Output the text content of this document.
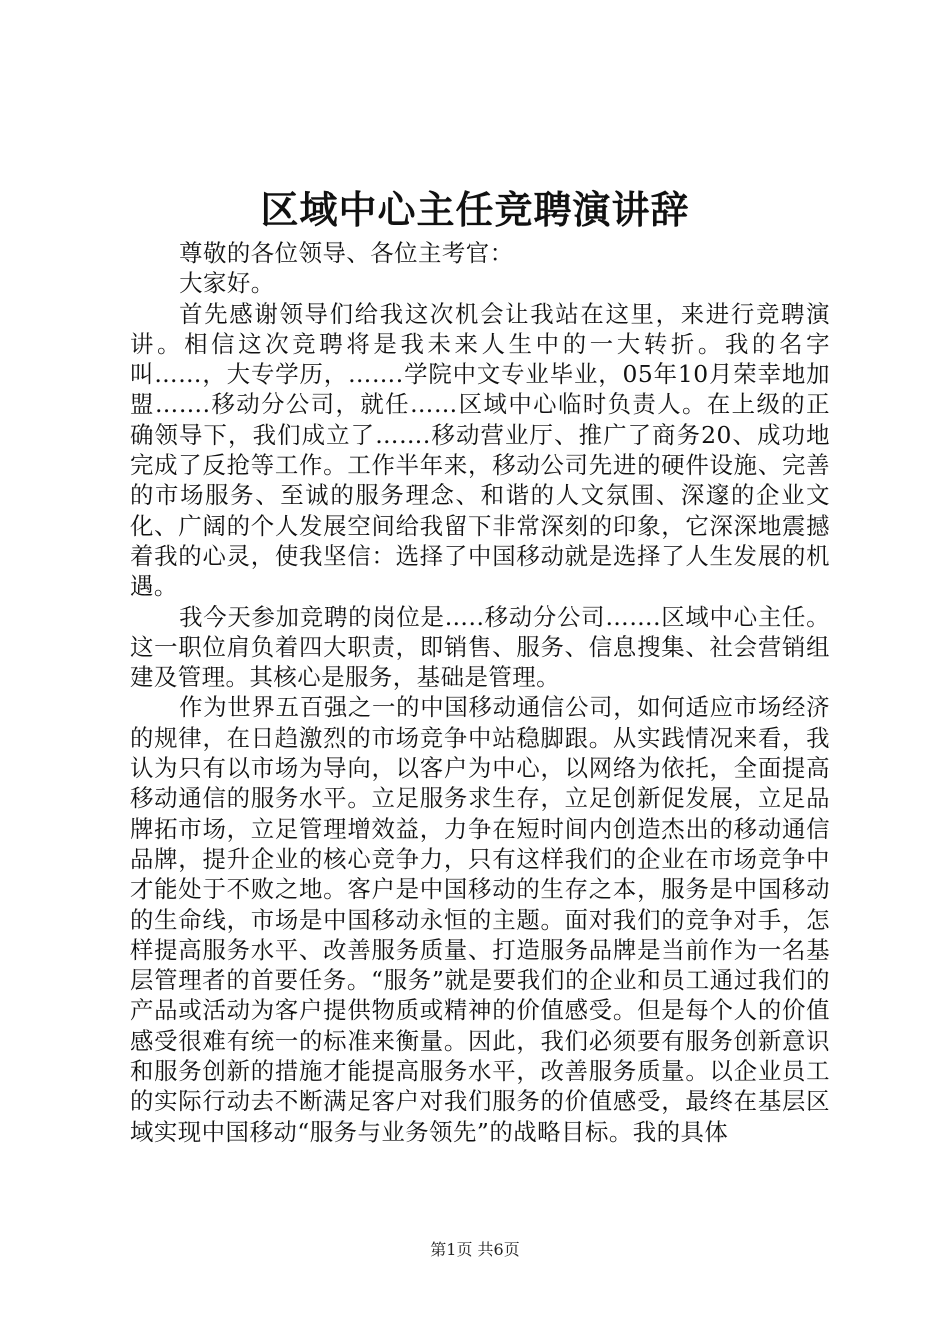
区域中心主任竞聘演讲辞

尊敬的各位领导、各位主考官：

大家好。

首先感谢领导们给我这次机会让我站在这里，来进行竞聘演讲。相信这次竞聘将是我未来人生中的一大转折。我的名字叫……，大专学历，…….学院中文专业毕业，05年10月荣幸地加盟…….移动分公司，就任……区域中心临时负责人。在上级的正确领导下，我们成立了…….移动营业厅、推广了商务20、成功地完成了反抢等工作。工作半年来，移动公司先进的硬件设施、完善的市场服务、至诚的服务理念、和谐的人文氛围、深邃的企业文化、广阔的个人发展空间给我留下非常深刻的印象，它深深地震撼着我的心灵，使我坚信：选择了中国移动就是选择了人生发展的机遇。

我今天参加竞聘的岗位是…..移动分公司…….区域中心主任。这一职位肩负着四大职责，即销售、服务、信息搜集、社会营销组建及管理。其核心是服务，基础是管理。

作为世界五百强之一的中国移动通信公司，如何适应市场经济的规律，在日趋激烈的市场竞争中站稳脚跟。从实践情况来看，我认为只有以市场为导向，以客户为中心，以网络为依托，全面提高移动通信的服务水平。立足服务求生存，立足创新促发展，立足品牌拓市场，立足管理增效益，力争在短时间内创造杰出的移动通信品牌，提升企业的核心竞争力，只有这样我们的企业在市场竞争中才能处于不败之地。客户是中国移动的生存之本，服务是中国移动的生命线，市场是中国移动永恒的主题。面对我们的竞争对手，怎样提高服务水平、改善服务质量、打造服务品牌是当前作为一名基层管理者的首要任务。“服务”就是要我们的企业和员工通过我们的产品或活动为客户提供物质或精神的价值感受。但是每个人的价值感受很难有统一的标准来衡量。因此，我们必须要有服务创新意识和服务创新的措施才能提高服务水平，改善服务质量。以企业员工的实际行动去不断满足客户对我们服务的价值感受，最终在基层区域实现中国移动“服务与业务领先”的战略目标。我的具体

第1页 共6页
